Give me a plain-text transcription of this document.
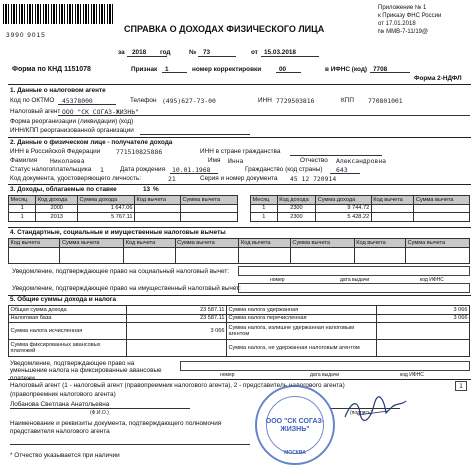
3990 9015
СПРАВКА О ДОХОДАХ ФИЗИЧЕСКОГО ЛИЦА
Приложение № 1
к Приказу ФНС России
от 17.01.2018
№ ММВ-7-11/19@
за 2018 год	№ 73	от 15.03.2018
Форма по КНД 1151078	Признак 1	номер корректировки	00	в ИФНС (код) 7708
Форма 2-НДФЛ
1. Данные о налоговом агенте
Код по ОКТМО 45378000	Телефон (495)627-73-00	ИНН 7729503816	КПП 770801001
Налоговый агент ООО "СК СОГАЗ-ЖИЗНЬ"
Форма реорганизации (ликвидации) (код)
ИНН/КПП реорганизованной организации
2. Данные о физическом лице - получателе дохода
ИНН в Российской Федерации 771510825886	ИНН в стране гражданства
Фамилия Николаева	Имя Инна	Отчество Александровна
Статус налогоплательщика 1	Дата рождения 10.01.1968	Гражданство (код страны) 643
Код документа, удостоверяющего личность:	21	Серия и номер документа 45 12 720914
3. Доходы, облагаемые по ставке	13 %
Месяц	Код дохода	Сумма дохода	Код вычета	Сумма вычета
1	2000	1 647.06		
1	2013	5 767.11		
Месяц	Код дохода	Сумма дохода	Код вычета	Сумма вычета
1	2300	9 744.72		
1	2300	5 428.22		
4. Стандартные, социальные и имущественные налоговые вычеты
Код вычета	Сумма вычета	Код вычета	Сумма вычета	Код вычета	Сумма вычета	Код вычета	Сумма вычета

Уведомление, подтверждающее право на социальный налоговый вычет:
номер	дата выдачи	код ИФНС
Уведомление, подтверждающее право на имущественный налоговый вычет:
5. Общие суммы дохода и налога
Общая сумма дохода	23 587.11	Сумма налога удержанная	3 066
Налоговая база	23 587.11	Сумма налога перечисленная	3 066
Сумма налога исчисленная	3 066	Сумма налога, излишне удержанная налоговым агентом	
Сумма фиксированных авансовых платежей		Сумма налога, не удержанная налоговым агентом	
Уведомление, подтверждающее право на уменьшение налога на фиксированные авансовые
номер	дата выдачи	код ИФНС
Налоговый агент (1 - налоговый агент (правопреемник налогового агента), 2 - представитель налогового агента)	1
(правопреемник налогового агента)
Лобанова Светлана Анатольевна
(Ф.И.О.)	(подпись)
Наименование и реквизиты документа, подтверждающего полномочия
представителя налогового агента
* Отчество указывается при наличии
ООО "СК СОГАЗ-ЖИЗНЬ"
МОСКВА
